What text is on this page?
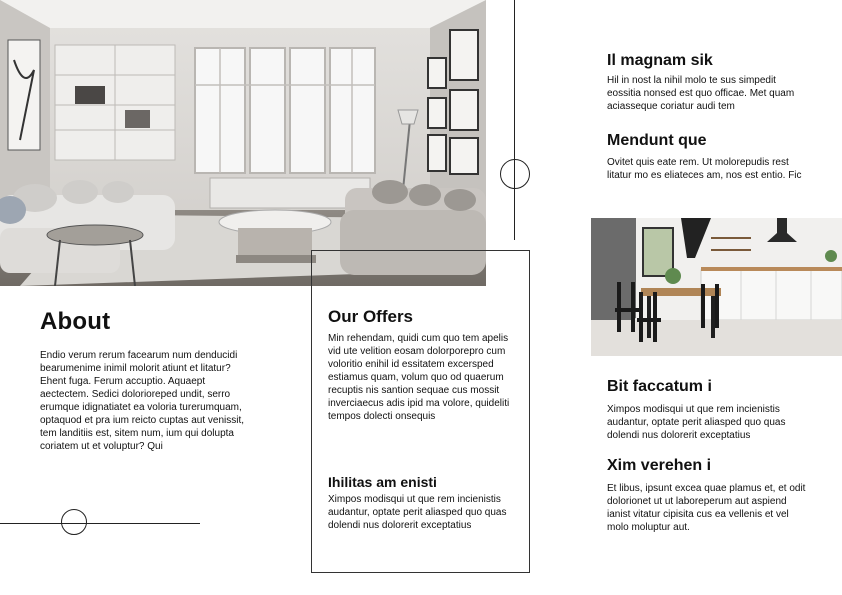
About

Endio verum rerum facearum num denducidi bearumenime inimil molorit atiunt et litatur? Ehent fuga. Ferum accuptio. Aquaept aectectem. Sedici dolorioreped undit, serro erumque idignatiatet ea voloria turerumquam, optaquod et pra ium reicto cuptas aut venissit, tem landitiis est, sitem num, ium qui dolupta coriatem ut et voluptur? Qui

Our Offers

Min rehendam, quidi cum quo tem apelis vid ute velition eosam dolorporepro cum voloritio enihil id essitatem excersped estiamus quam, volum quo od quaerum recuptis nis santion sequae cus mossit inverciaecus adis ipid ma volore, quideliti tempos dolecti onsequis

Ihilitas am enisti

Ximpos modisqui ut que rem incienistis audantur, optate perit aliasped quo quas dolendi nus dolorerit exceptatius

Il magnam sik

Hil in nost la nihil molo te sus simpedit eossitia nonsed est quo officae. Met quam aciasseque coriatur audi tem

Mendunt que

Ovitet quis eate rem. Ut molorepudis rest litatur mo es eliateces am, nos est entio. Fic

Bit faccatum i

Ximpos modisqui ut que rem incienistis audantur, optate perit aliasped quo quas dolendi nus dolorerit exceptatius

Xim verehen i

Et libus, ipsunt excea quae plamus et, et odit dolorionet ut ut laboreperum aut aspiend ianist vitatur cipisita cus ea vellenis et vel molo moluptur aut.
